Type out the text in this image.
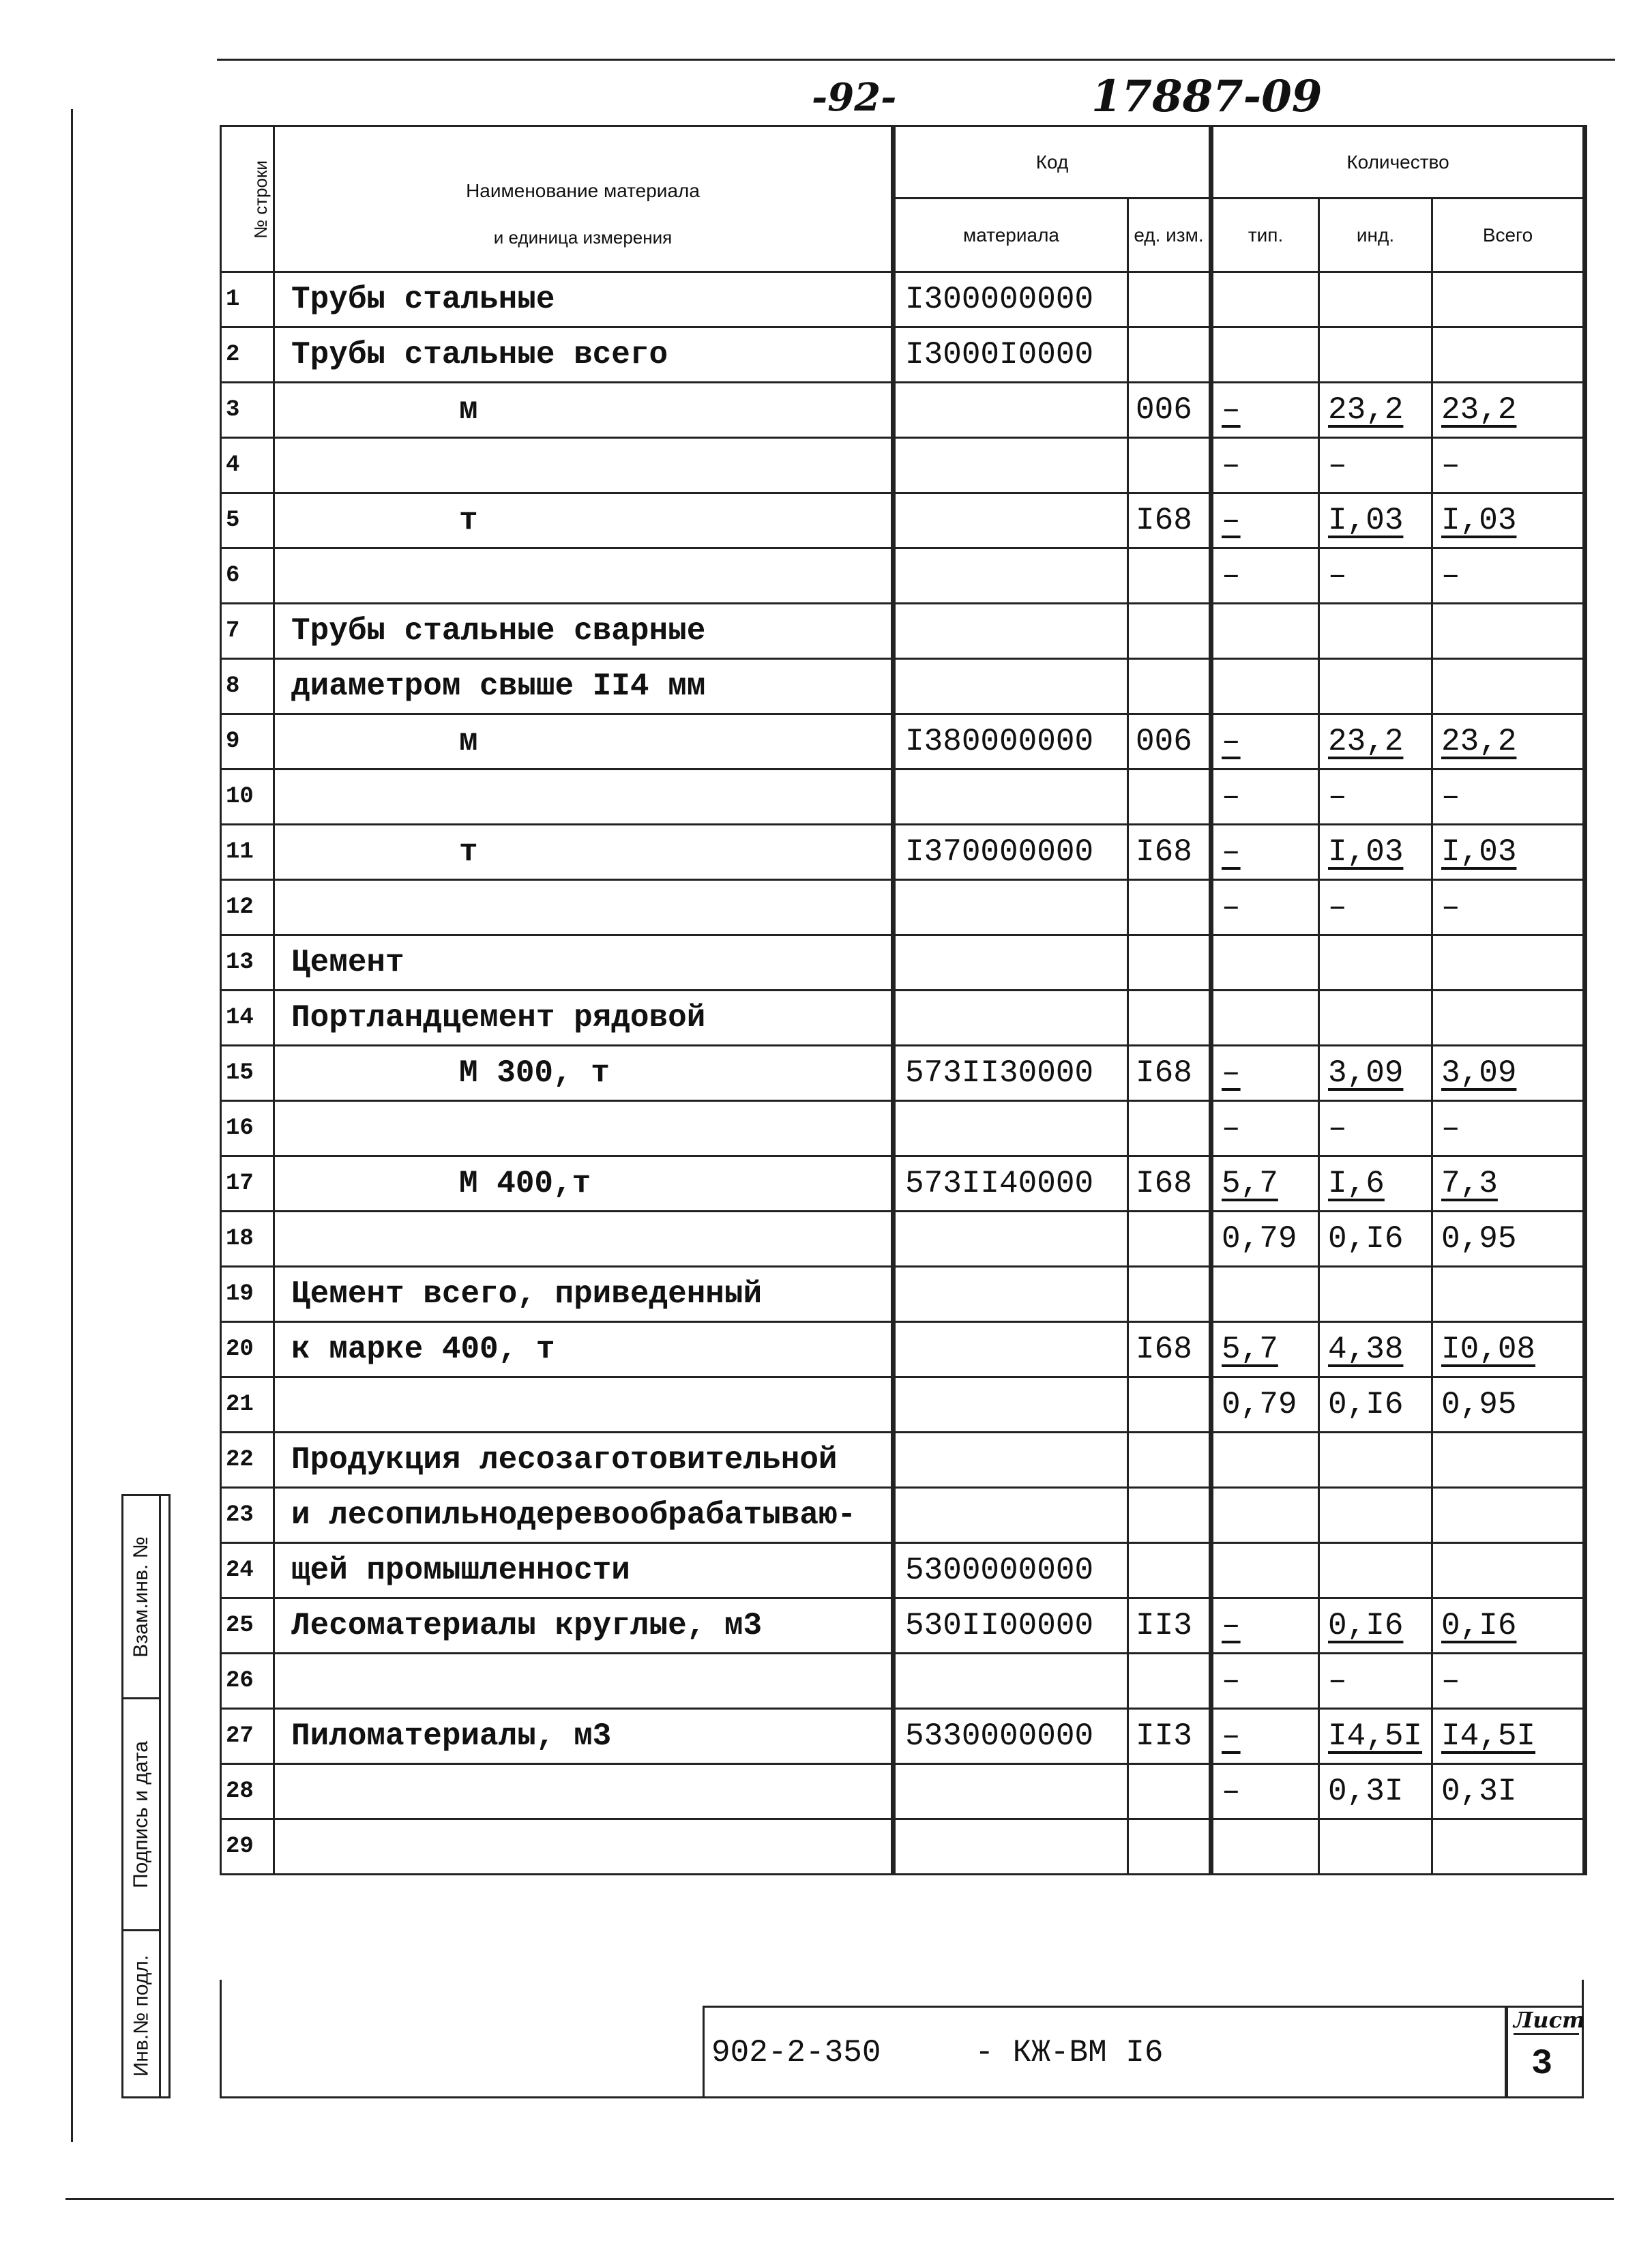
-92-	17887-09
Взам.инв. №
Подпись и дата
Инв.№ подл.
№ строки	Наименование материала
и единица измерения	Код		Количество		
		материала	ед. изм.	тип.	инд.	Всего
1	Трубы стальные	I300000000				
2	Трубы стальные всего	I3000I0000				
3	м		006	–	23,2	23,2
4				–	–	–
5	т		I68	–	I,03	I,03
6				–	–	–
7	Трубы стальные сварные					
8	диаметром свыше II4 мм					
9	м	I380000000	006	–	23,2	23,2
10				–	–	–
11	т	I370000000	I68	–	I,03	I,03
12				–	–	–
13	Цемент					
14	Портландцемент рядовой					
15	М 300, т	573II30000	I68	–	3,09	3,09
16				–	–	–
17	М 400,т	573II40000	I68	5,7	I,6	7,3
18				0,79	0,I6	0,95
19	Цемент всего, приведенный					
20	к марке 400, т		I68	5,7	4,38	I0,08
21				0,79	0,I6	0,95
22	Продукция лесозаготовительной					
23	и лесопильнодеревообрабатываю-					
24	щей промышленности	5300000000				
25	Лесоматериалы круглые, м3	530II00000	II3	–	0,I6	0,I6
26				–	–	–
27	Пиломатериалы, м3	5330000000	II3	–	I4,5I	I4,5I
28				–	0,3I	0,3I
29						
902-2-350     - КЖ-ВМ I6
Лист
3
